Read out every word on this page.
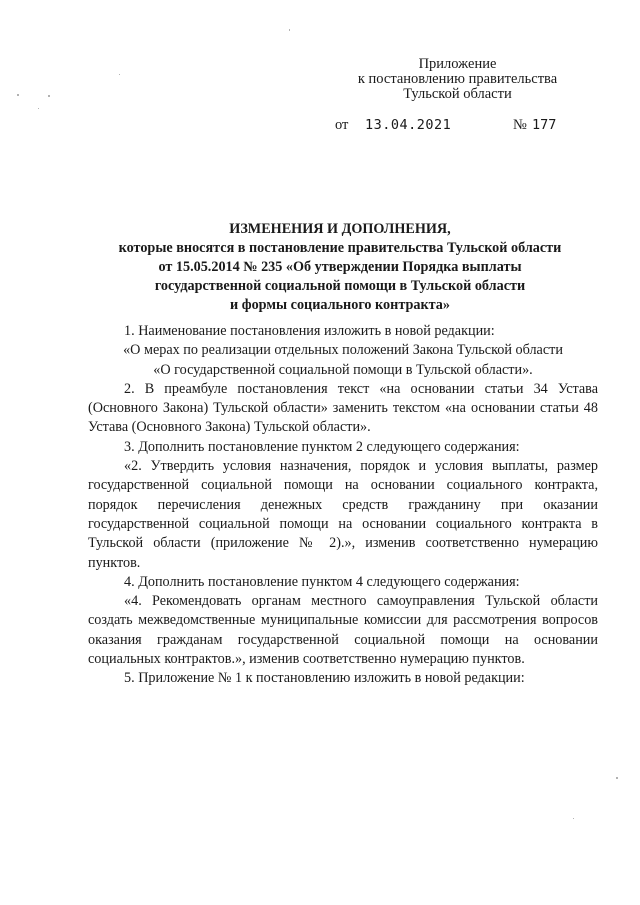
Приложение
к постановлению правительства
Тульской области
от 13.04.2021	№ 177
ИЗМЕНЕНИЯ И ДОПОЛНЕНИЯ,
которые вносятся в постановление правительства Тульской области
от 15.05.2014 № 235 «Об утверждении Порядка выплаты
государственной социальной помощи в Тульской области
и формы социального контракта»

1. Наименование постановления изложить в новой редакции:

«О мерах по реализации отдельных положений Закона Тульской области

«О государственной социальной помощи в Тульской области».

2. В преамбуле постановления текст «на основании статьи 34 Устава (Основного Закона) Тульской области» заменить текстом «на основании статьи 48 Устава (Основного Закона) Тульской области».

3. Дополнить постановление пунктом 2 следующего содержания:

«2. Утвердить условия назначения, порядок и условия выплаты, размер государственной социальной помощи на основании социального контракта, порядок перечисления денежных средств гражданину при оказании государственной социальной помощи на основании социального контракта в Тульской области (приложение № 2).», изменив соответственно нумерацию пунктов.

4. Дополнить постановление пунктом 4 следующего содержания:

«4. Рекомендовать органам местного самоуправления Тульской области создать межведомственные муниципальные комиссии для рассмотрения вопросов оказания гражданам государственной социальной помощи на основании социальных контрактов.», изменив соответственно нумерацию пунктов.

5. Приложение № 1 к постановлению изложить в новой редакции:
